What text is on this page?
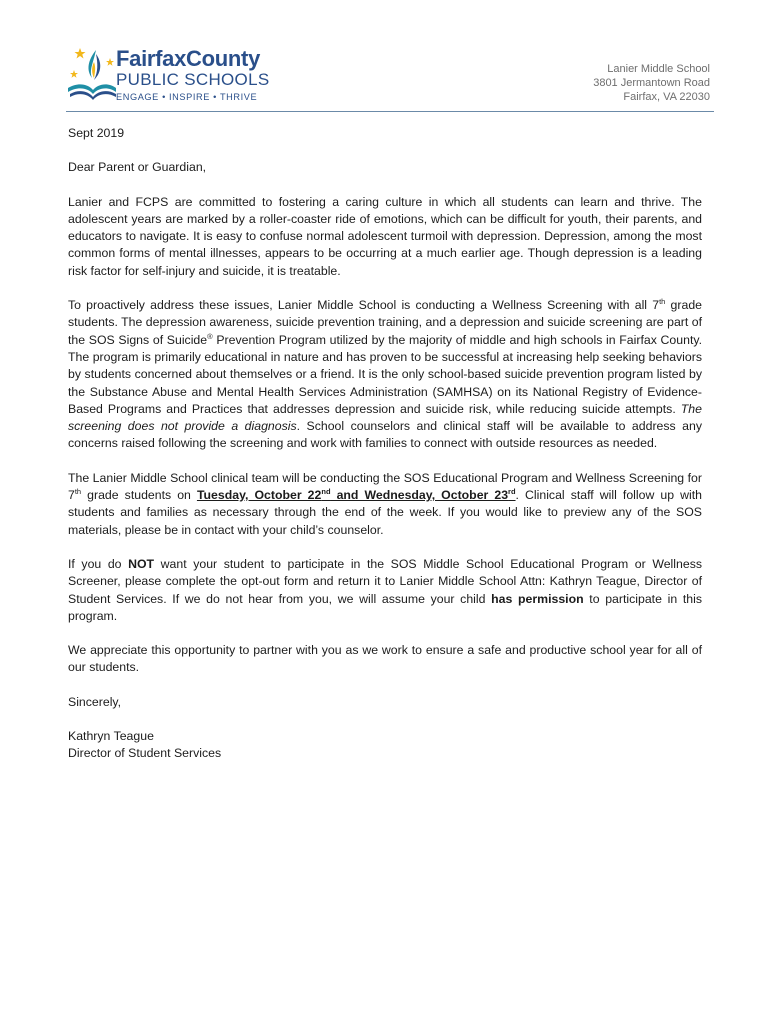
FairfaxCounty
PUBLIC SCHOOLS
ENGAGE • INSPIRE • THRIVE
Lanier Middle School
3801 Jermantown Road
Fairfax, VA 22030

Sept 2019

Dear Parent or Guardian,

Lanier and FCPS are committed to fostering a caring culture in which all students can learn and thrive. The adolescent years are marked by a roller-coaster ride of emotions, which can be difficult for youth, their parents, and educators to navigate. It is easy to confuse normal adolescent turmoil with depression. Depression, among the most common forms of mental illnesses, appears to be occurring at a much earlier age. Though depression is a leading risk factor for self-injury and suicide, it is treatable.

To proactively address these issues, Lanier Middle School is conducting a Wellness Screening with all 7th grade students. The depression awareness, suicide prevention training, and a depression and suicide screening are part of the SOS Signs of Suicide® Prevention Program utilized by the majority of middle and high schools in Fairfax County. The program is primarily educational in nature and has proven to be successful at increasing help seeking behaviors by students concerned about themselves or a friend. It is the only school-based suicide prevention program listed by the Substance Abuse and Mental Health Services Administration (SAMHSA) on its National Registry of Evidence-Based Programs and Practices that addresses depression and suicide risk, while reducing suicide attempts. The screening does not provide a diagnosis. School counselors and clinical staff will be available to address any concerns raised following the screening and work with families to connect with outside resources as needed.

The Lanier Middle School clinical team will be conducting the SOS Educational Program and Wellness Screening for 7th grade students on Tuesday, October 22nd and Wednesday, October 23rd. Clinical staff will follow up with students and families as necessary through the end of the week. If you would like to preview any of the SOS materials, please be in contact with your child’s counselor.

If you do NOT want your student to participate in the SOS Middle School Educational Program or Wellness Screener, please complete the opt-out form and return it to Lanier Middle School Attn: Kathryn Teague, Director of Student Services. If we do not hear from you, we will assume your child has permission to participate in this program.

We appreciate this opportunity to partner with you as we work to ensure a safe and productive school year for all of our students.

Sincerely,

Kathryn Teague
Director of Student Services
